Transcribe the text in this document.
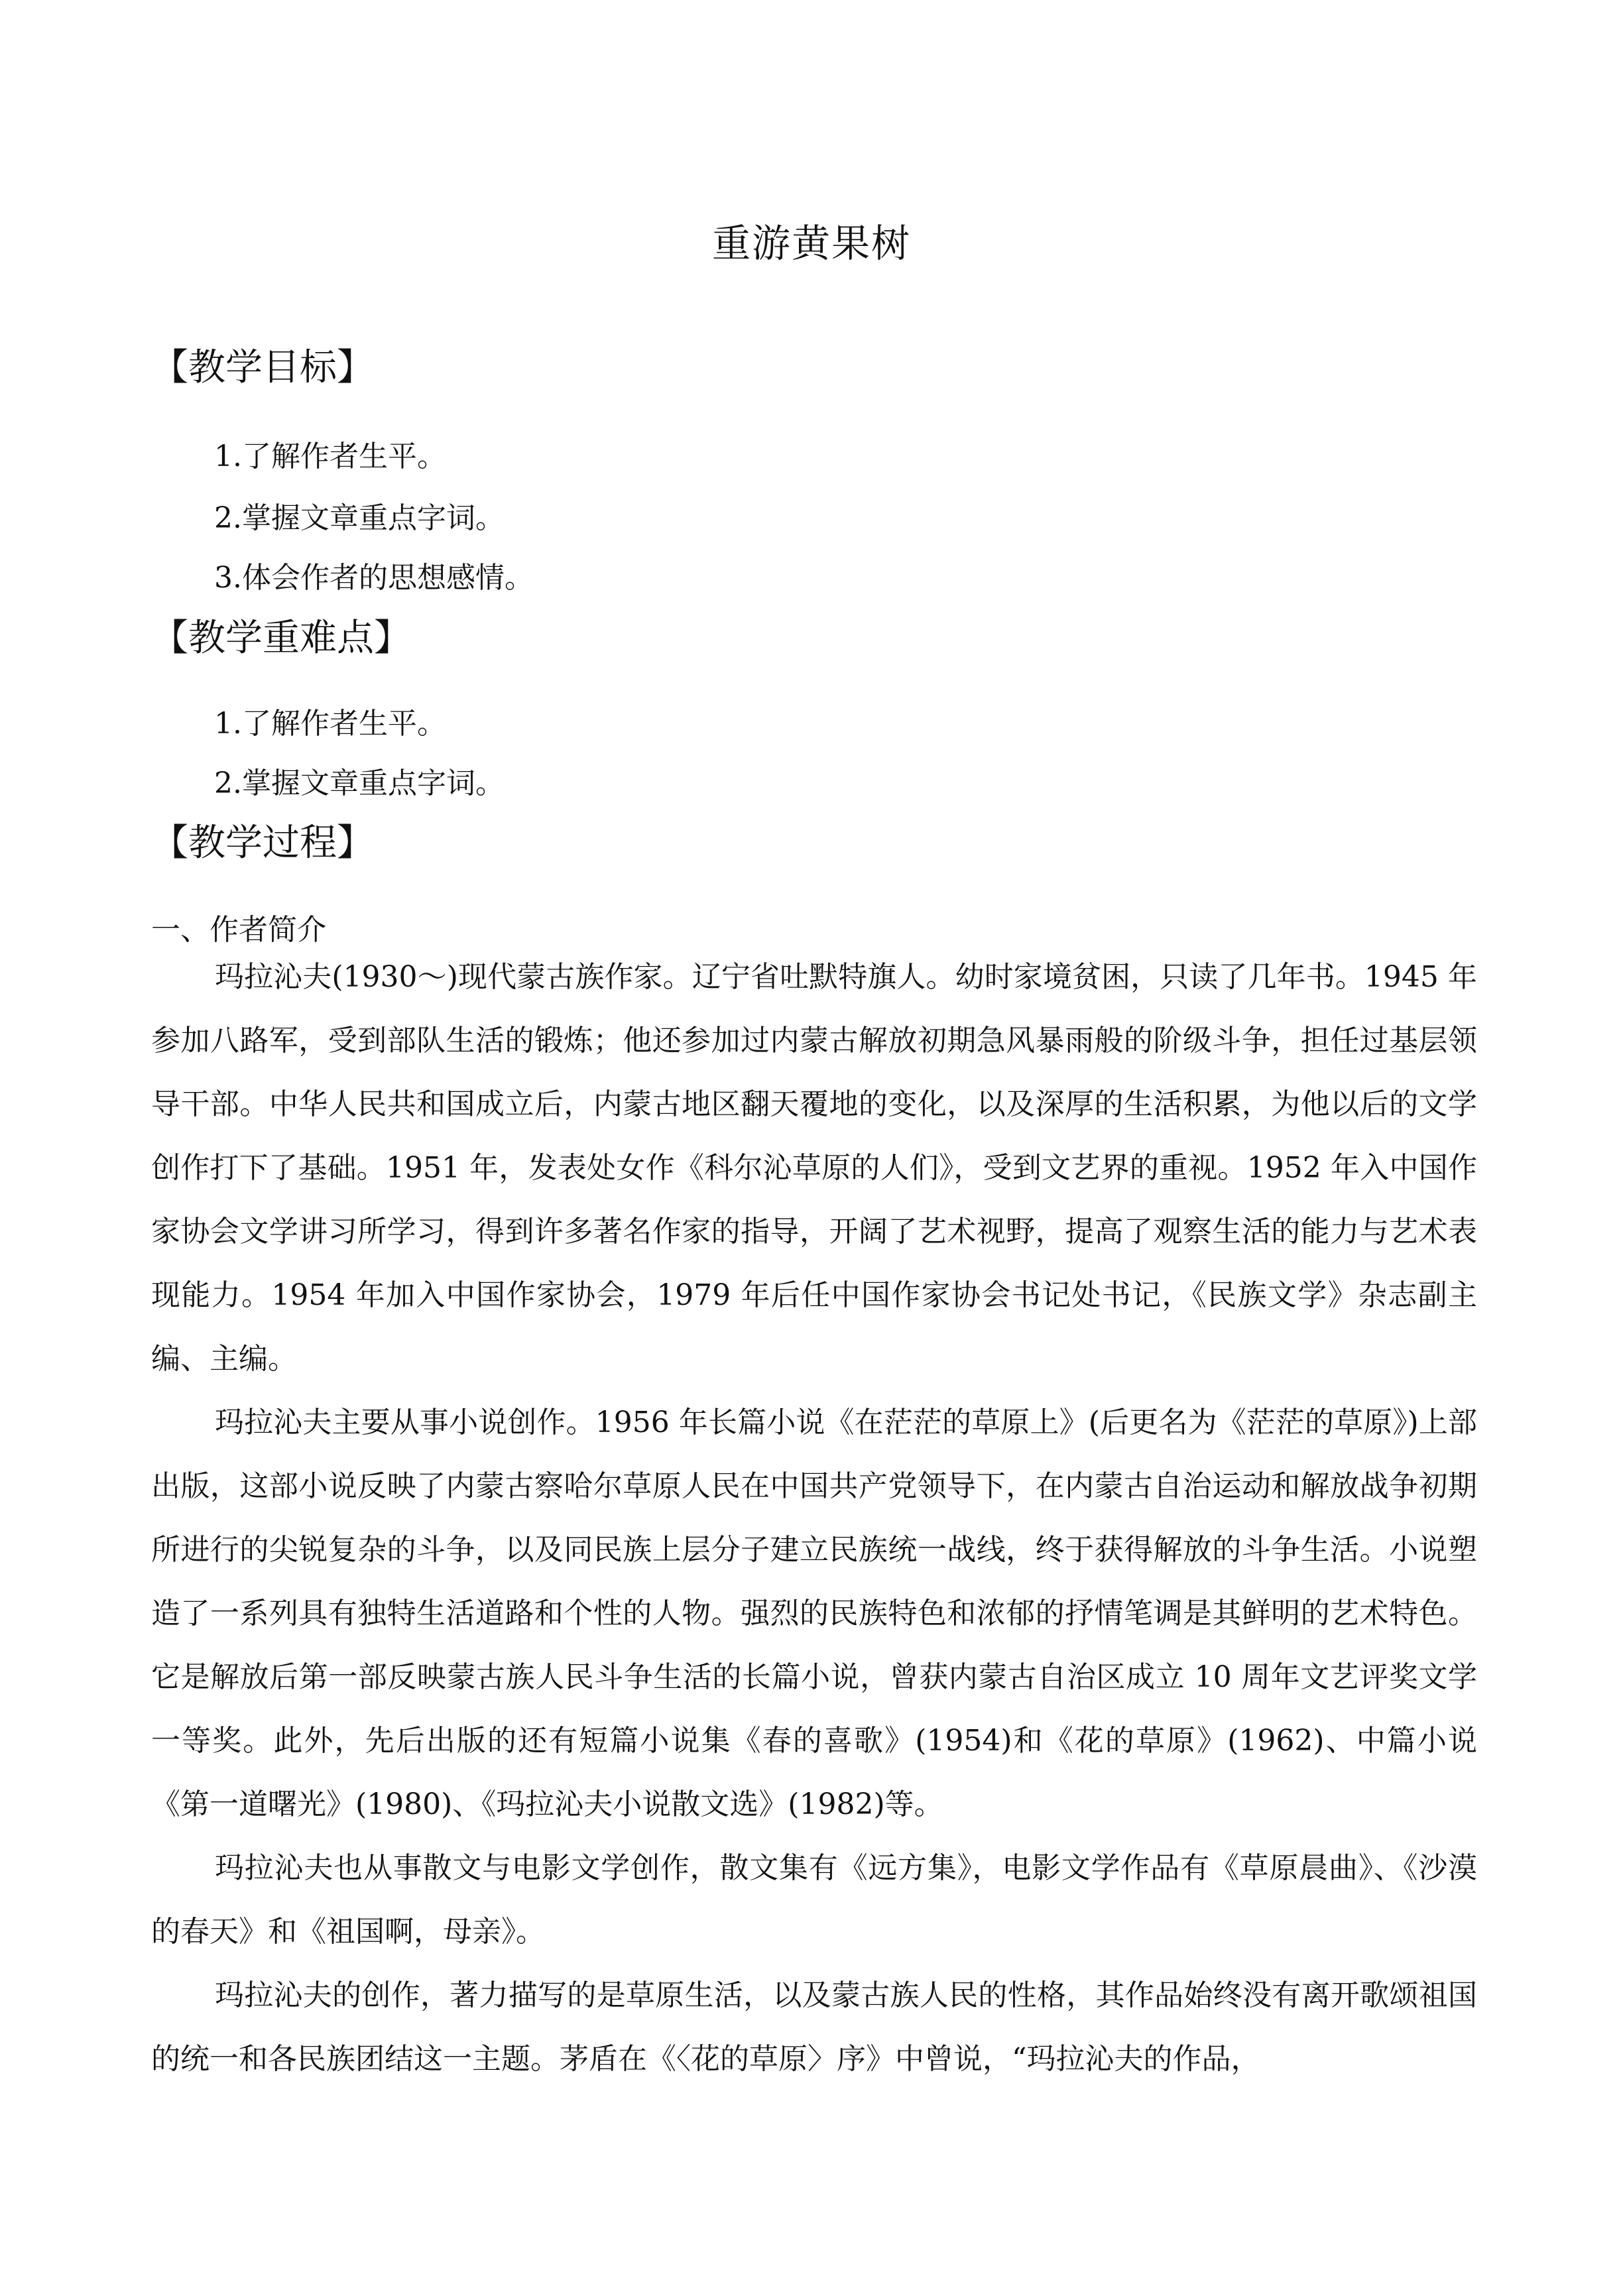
重游黄果树
【教学目标】

1.了解作者生平。

2.掌握文章重点字词。

3.体会作者的思想感情。

【教学重难点】

1.了解作者生平。

2.掌握文章重点字词。

【教学过程】

一、作者简介

玛拉沁夫(1930～)现代蒙古族作家。辽宁省吐默特旗人。幼时家境贫困，只读了几年书。1945 年参加八路军，受到部队生活的锻炼；他还参加过内蒙古解放初期急风暴雨般的阶级斗争，担任过基层领导干部。中华人民共和国成立后，内蒙古地区翻天覆地的变化，以及深厚的生活积累，为他以后的文学创作打下了基础。1951 年，发表处女作《科尔沁草原的人们》，受到文艺界的重视。1952 年入中国作家协会文学讲习所学习，得到许多著名作家的指导，开阔了艺术视野，提高了观察生活的能力与艺术表现能力。1954 年加入中国作家协会，1979 年后任中国作家协会书记处书记，《民族文学》杂志副主编、主编。

玛拉沁夫主要从事小说创作。1956 年长篇小说《在茫茫的草原上》(后更名为《茫茫的草原》)上部出版，这部小说反映了内蒙古察哈尔草原人民在中国共产党领导下，在内蒙古自治运动和解放战争初期所进行的尖锐复杂的斗争，以及同民族上层分子建立民族统一战线，终于获得解放的斗争生活。小说塑造了一系列具有独特生活道路和个性的人物。强烈的民族特色和浓郁的抒情笔调是其鲜明的艺术特色。它是解放后第一部反映蒙古族人民斗争生活的长篇小说，曾获内蒙古自治区成立 10 周年文艺评奖文学一等奖。此外，先后出版的还有短篇小说集《春的喜歌》(1954)和《花的草原》(1962)、中篇小说《第一道曙光》(1980)、《玛拉沁夫小说散文选》(1982)等。

玛拉沁夫也从事散文与电影文学创作，散文集有《远方集》，电影文学作品有《草原晨曲》、《沙漠的春天》和《祖国啊，母亲》。

玛拉沁夫的创作，著力描写的是草原生活，以及蒙古族人民的性格，其作品始终没有离开歌颂祖国的统一和各民族团结这一主题。茅盾在《〈花的草原〉序》中曾说，“玛拉沁夫的作品，
